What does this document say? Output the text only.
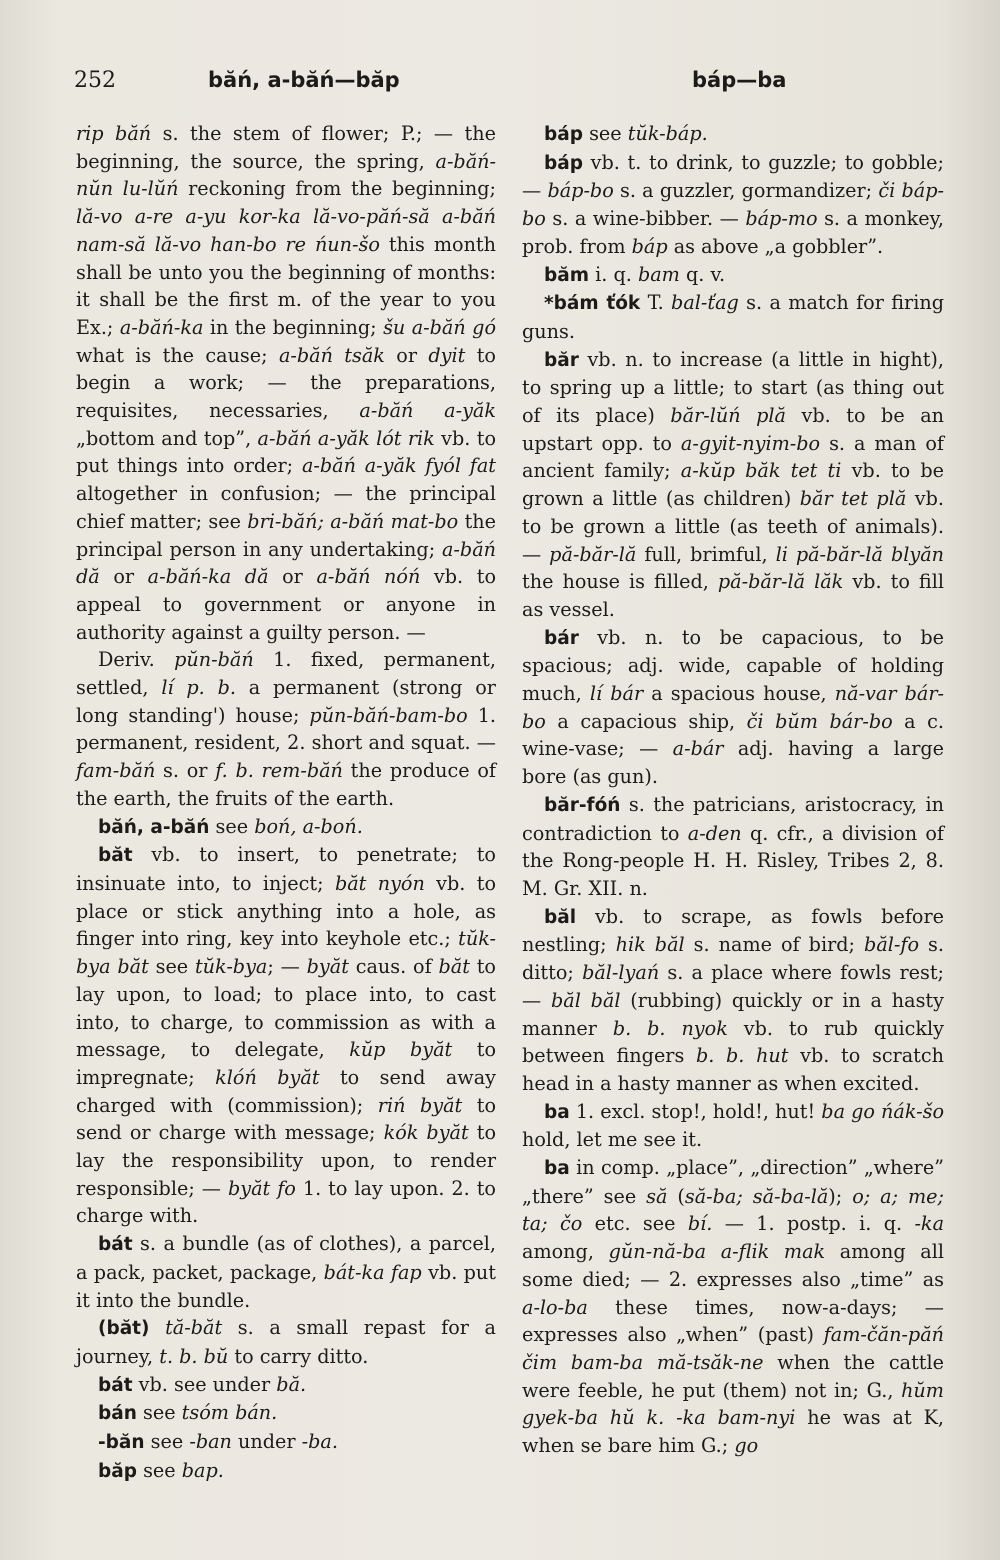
252	băń, a-băń—băp	báp—ba

rip băń s. the stem of flower; P.; — the beginning, the source, the spring, a-băń-nŭn lu-lŭń reckoning from the beginning; lă-vo a-re a-yu kor-ka lă-vo-păń-să a-băń nam-să lă-vo han-bo re ńun-šo this month shall be unto you the beginning of months: it shall be the first m. of the year to you Ex.; a-băń-ka in the beginning; šu a-băń gó what is the cause; a-băń tsăk or dyit to begin a work; — the preparations, requisites, necessaries, a-băń a-yăk „bottom and top”, a-băń a-yăk lót rik vb. to put things into order; a-băń a-yăk fyól fat altogether in confusion; — the principal chief matter; see bri-băń; a-băń mat-bo the principal person in any undertaking; a-băń dă or a-băń-ka dă or a-băń nóń vb. to appeal to government or anyone in authority against a guilty person. —

Deriv. pŭn-băń 1. fixed, permanent, settled, lí p. b. a permanent (strong or long standing') house; pŭn-băń-bam-bo 1. permanent, resident, 2. short and squat. — fam-băń s. or f. b. rem-băń the produce of the earth, the fruits of the earth.

băń, a-băń see boń, a-boń.

băt vb. to insert, to penetrate; to insinuate into, to inject; băt nyón vb. to place or stick anything into a hole, as finger into ring, key into keyhole etc.; tŭk-bya băt see tŭk-bya; — byăt caus. of băt to lay upon, to load; to place into, to cast into, to charge, to commission as with a message, to delegate, kŭp byăt to impregnate; klóń byăt to send away charged with (commission); riń byăt to send or charge with message; kók byăt to lay the responsibility upon, to render responsible; — byăt fo 1. to lay upon. 2. to charge with.

bát s. a bundle (as of clothes), a parcel, a pack, packet, package, bát-ka fap vb. put it into the bundle.

(băt) tă-băt s. a small repast for a journey, t. b. bŭ to carry ditto.

bát vb. see under bă.

bán see tsóm bán.

-băn see -ban under -ba.

băp see bap.

báp see tŭk-báp.

báp vb. t. to drink, to guzzle; to gobble; — báp-bo s. a guzzler, gormandizer; či báp-bo s. a wine-bibber. — báp-mo s. a monkey, prob. from báp as above „a gobbler”.

băm i. q. bam q. v.

*bám ťók T. bal-ťag s. a match for firing guns.

băr vb. n. to increase (a little in hight), to spring up a little; to start (as thing out of its place) băr-lŭń plă vb. to be an upstart opp. to a-gyit-nyim-bo s. a man of ancient family; a-kŭp băk tet ti vb. to be grown a little (as children) băr tet plă vb. to be grown a little (as teeth of animals). — pă-băr-lă full, brimful, li pă-băr-lă blyăn the house is filled, pă-băr-lă lăk vb. to fill as vessel.

bár vb. n. to be capacious, to be spacious; adj. wide, capable of holding much, lí bár a spacious house, nă-var bár-bo a capacious ship, či bŭm bár-bo a c. wine-vase; — a-bár adj. having a large bore (as gun).

băr-fóń s. the patricians, aristocracy, in contradiction to a-den q. cfr., a division of the Rong-people H. H. Risley, Tribes 2, 8. M. Gr. XII. n.

băl vb. to scrape, as fowls before nestling; hik băl s. name of bird; băl-fo s. ditto; băl-lyań s. a place where fowls rest; — băl băl (rubbing) quickly or in a hasty manner b. b. nyok vb. to rub quickly between fingers b. b. hut vb. to scratch head in a hasty manner as when excited.

ba 1. excl. stop!, hold!, hut! ba go ńák-šo hold, let me see it.

ba in comp. „place”, „direction” „where” „there” see să (să-ba; să-ba-lă); o; a; me; ta; čo etc. see bí. — 1. postp. i. q. -ka among, gŭn-nă-ba a-flik mak among all some died; — 2. expresses also „time” as a-lo-ba these times, now-a-days; — expresses also „when” (past) fam-čăn-păń čim bam-ba mă-tsăk-ne when the cattle were feeble, he put (them) not in; G., hŭm gyek-ba hŭ k. -ka bam-nyi he was at K, when se bare him G.; go
